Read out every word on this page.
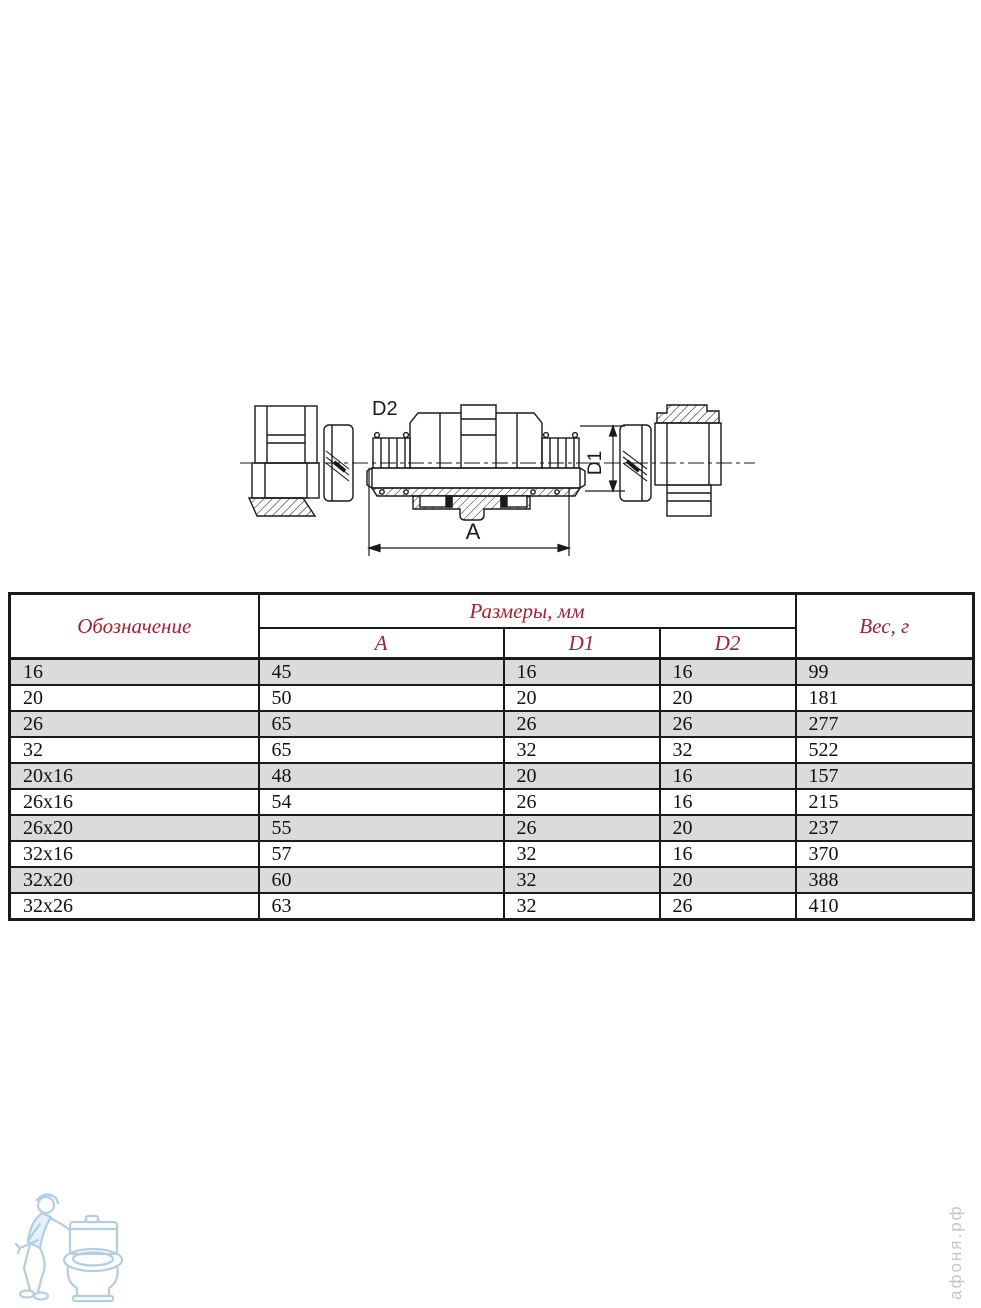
D2
D1
A
Обозначение	Размеры, мм			Вес, г
	A	D1	D2	
16	45	16	16	99
20	50	20	20	181
26	65	26	26	277
32	65	32	32	522
20x16	48	20	16	157
26x16	54	26	16	215
26x20	55	26	20	237
32x16	57	32	16	370
32x20	60	32	20	388
32x26	63	32	26	410
афоня.рф
